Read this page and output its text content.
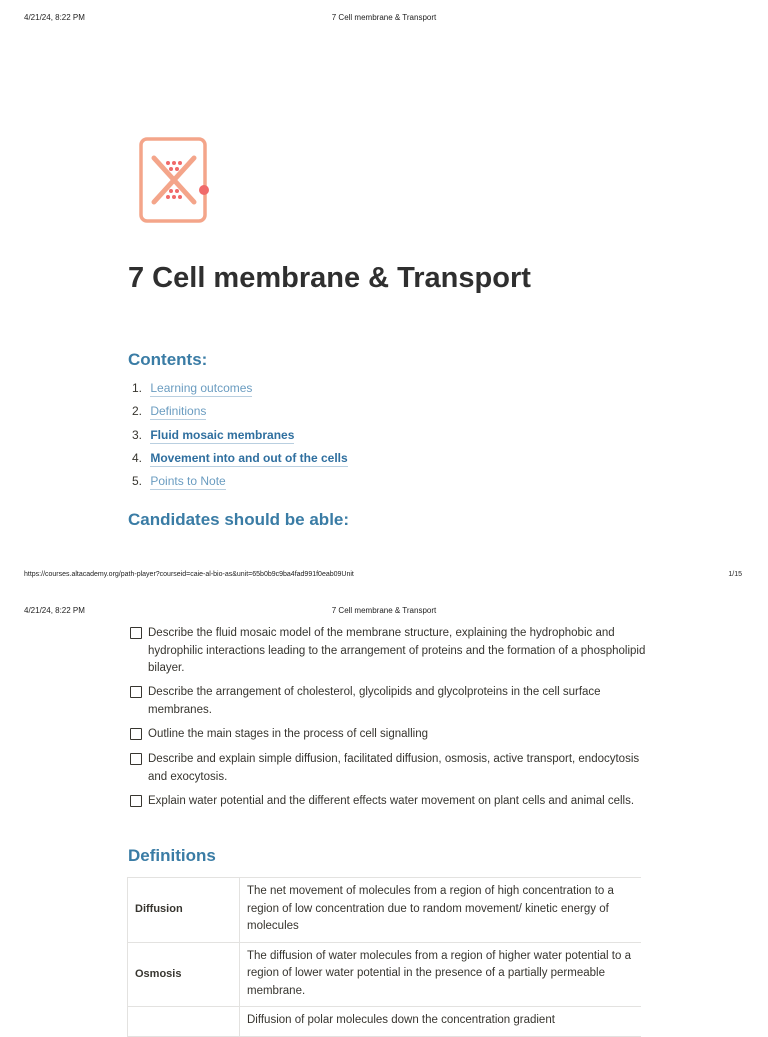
4/21/24, 8:22 PM	7 Cell membrane & Transport
7 Cell membrane & Transport
Contents:
1. Learning outcomes
2. Definitions
3. Fluid mosaic membranes
4. Movement into and out of the cells
5. Points to Note
Candidates should be able:
https://courses.altacademy.org/path-player?courseid=caie-al-bio-as&unit=65b0b9c9ba4fad991f0eab09Unit	1/15
4/21/24, 8:22 PM	7 Cell membrane & Transport
Describe the fluid mosaic model of the membrane structure, explaining the hydrophobic and hydrophilic interactions leading to the arrangement of proteins and the formation of a phospholipid bilayer.
Describe the arrangement of cholesterol, glycolipids and glycolproteins in the cell surface membranes.
Outline the main stages in the process of cell signalling
Describe and explain simple diffusion, facilitated diffusion, osmosis, active transport, endocytosis and exocytosis.
Explain water potential and the different effects water movement on plant cells and animal cells.
Definitions
Diffusion	The net movement of molecules from a region of high concentration to a region of low concentration due to random movement/ kinetic energy of molecules
Osmosis	The diffusion of water molecules from a region of higher water potential to a region of lower water potential in the presence of a partially permeable membrane.
	Diffusion of polar molecules down the concentration gradient
